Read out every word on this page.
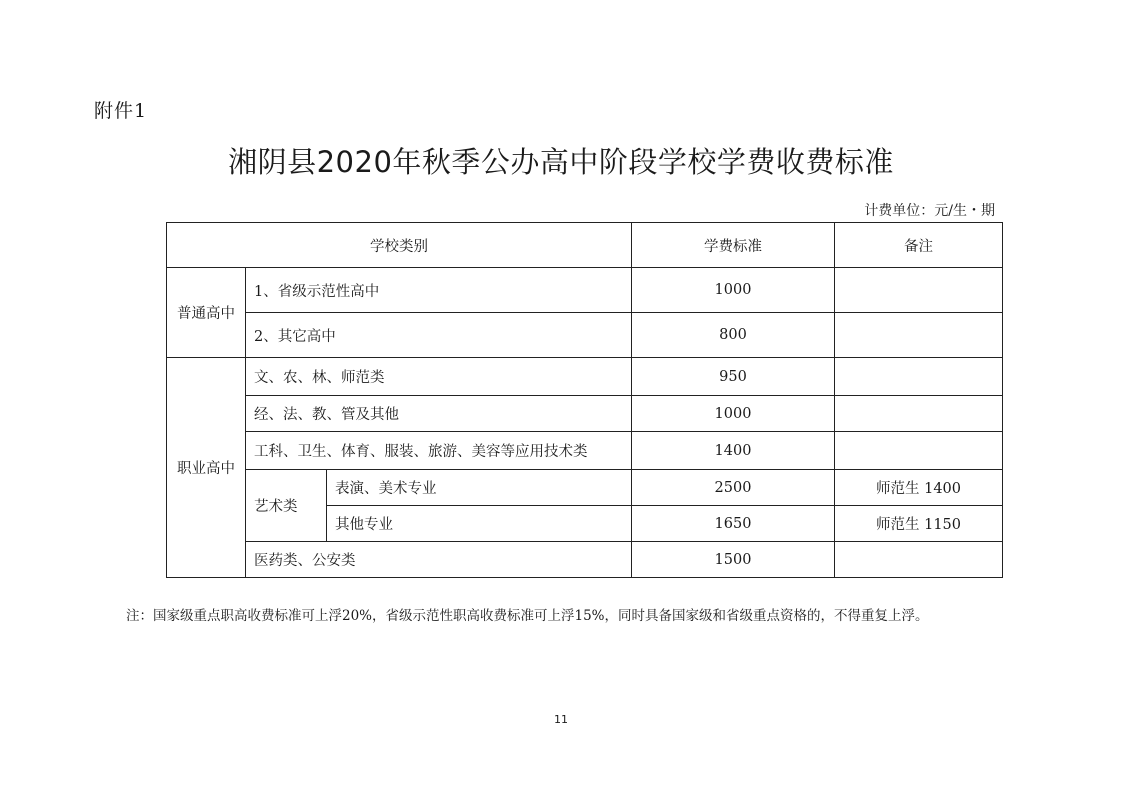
附件1
湘阴县2020年秋季公办高中阶段学校学费收费标准
计费单位：元/生・期
学校类别			学费标准	备注
普通高中	1、省级示范性高中		1000	
	2、其它高中		800	
职业高中	文、农、林、师范类		950	
	经、法、教、管及其他		1000	
	工科、卫生、体育、服装、旅游、美容等应用技术类		1400	
	艺术类	表演、美术专业	2500	师范生 1400
		其他专业	1650	师范生 1150
	医药类、公安类		1500	
注：国家级重点职高收费标准可上浮20%，省级示范性职高收费标准可上浮15%，同时具备国家级和省级重点资格的，不得重复上浮。
11
